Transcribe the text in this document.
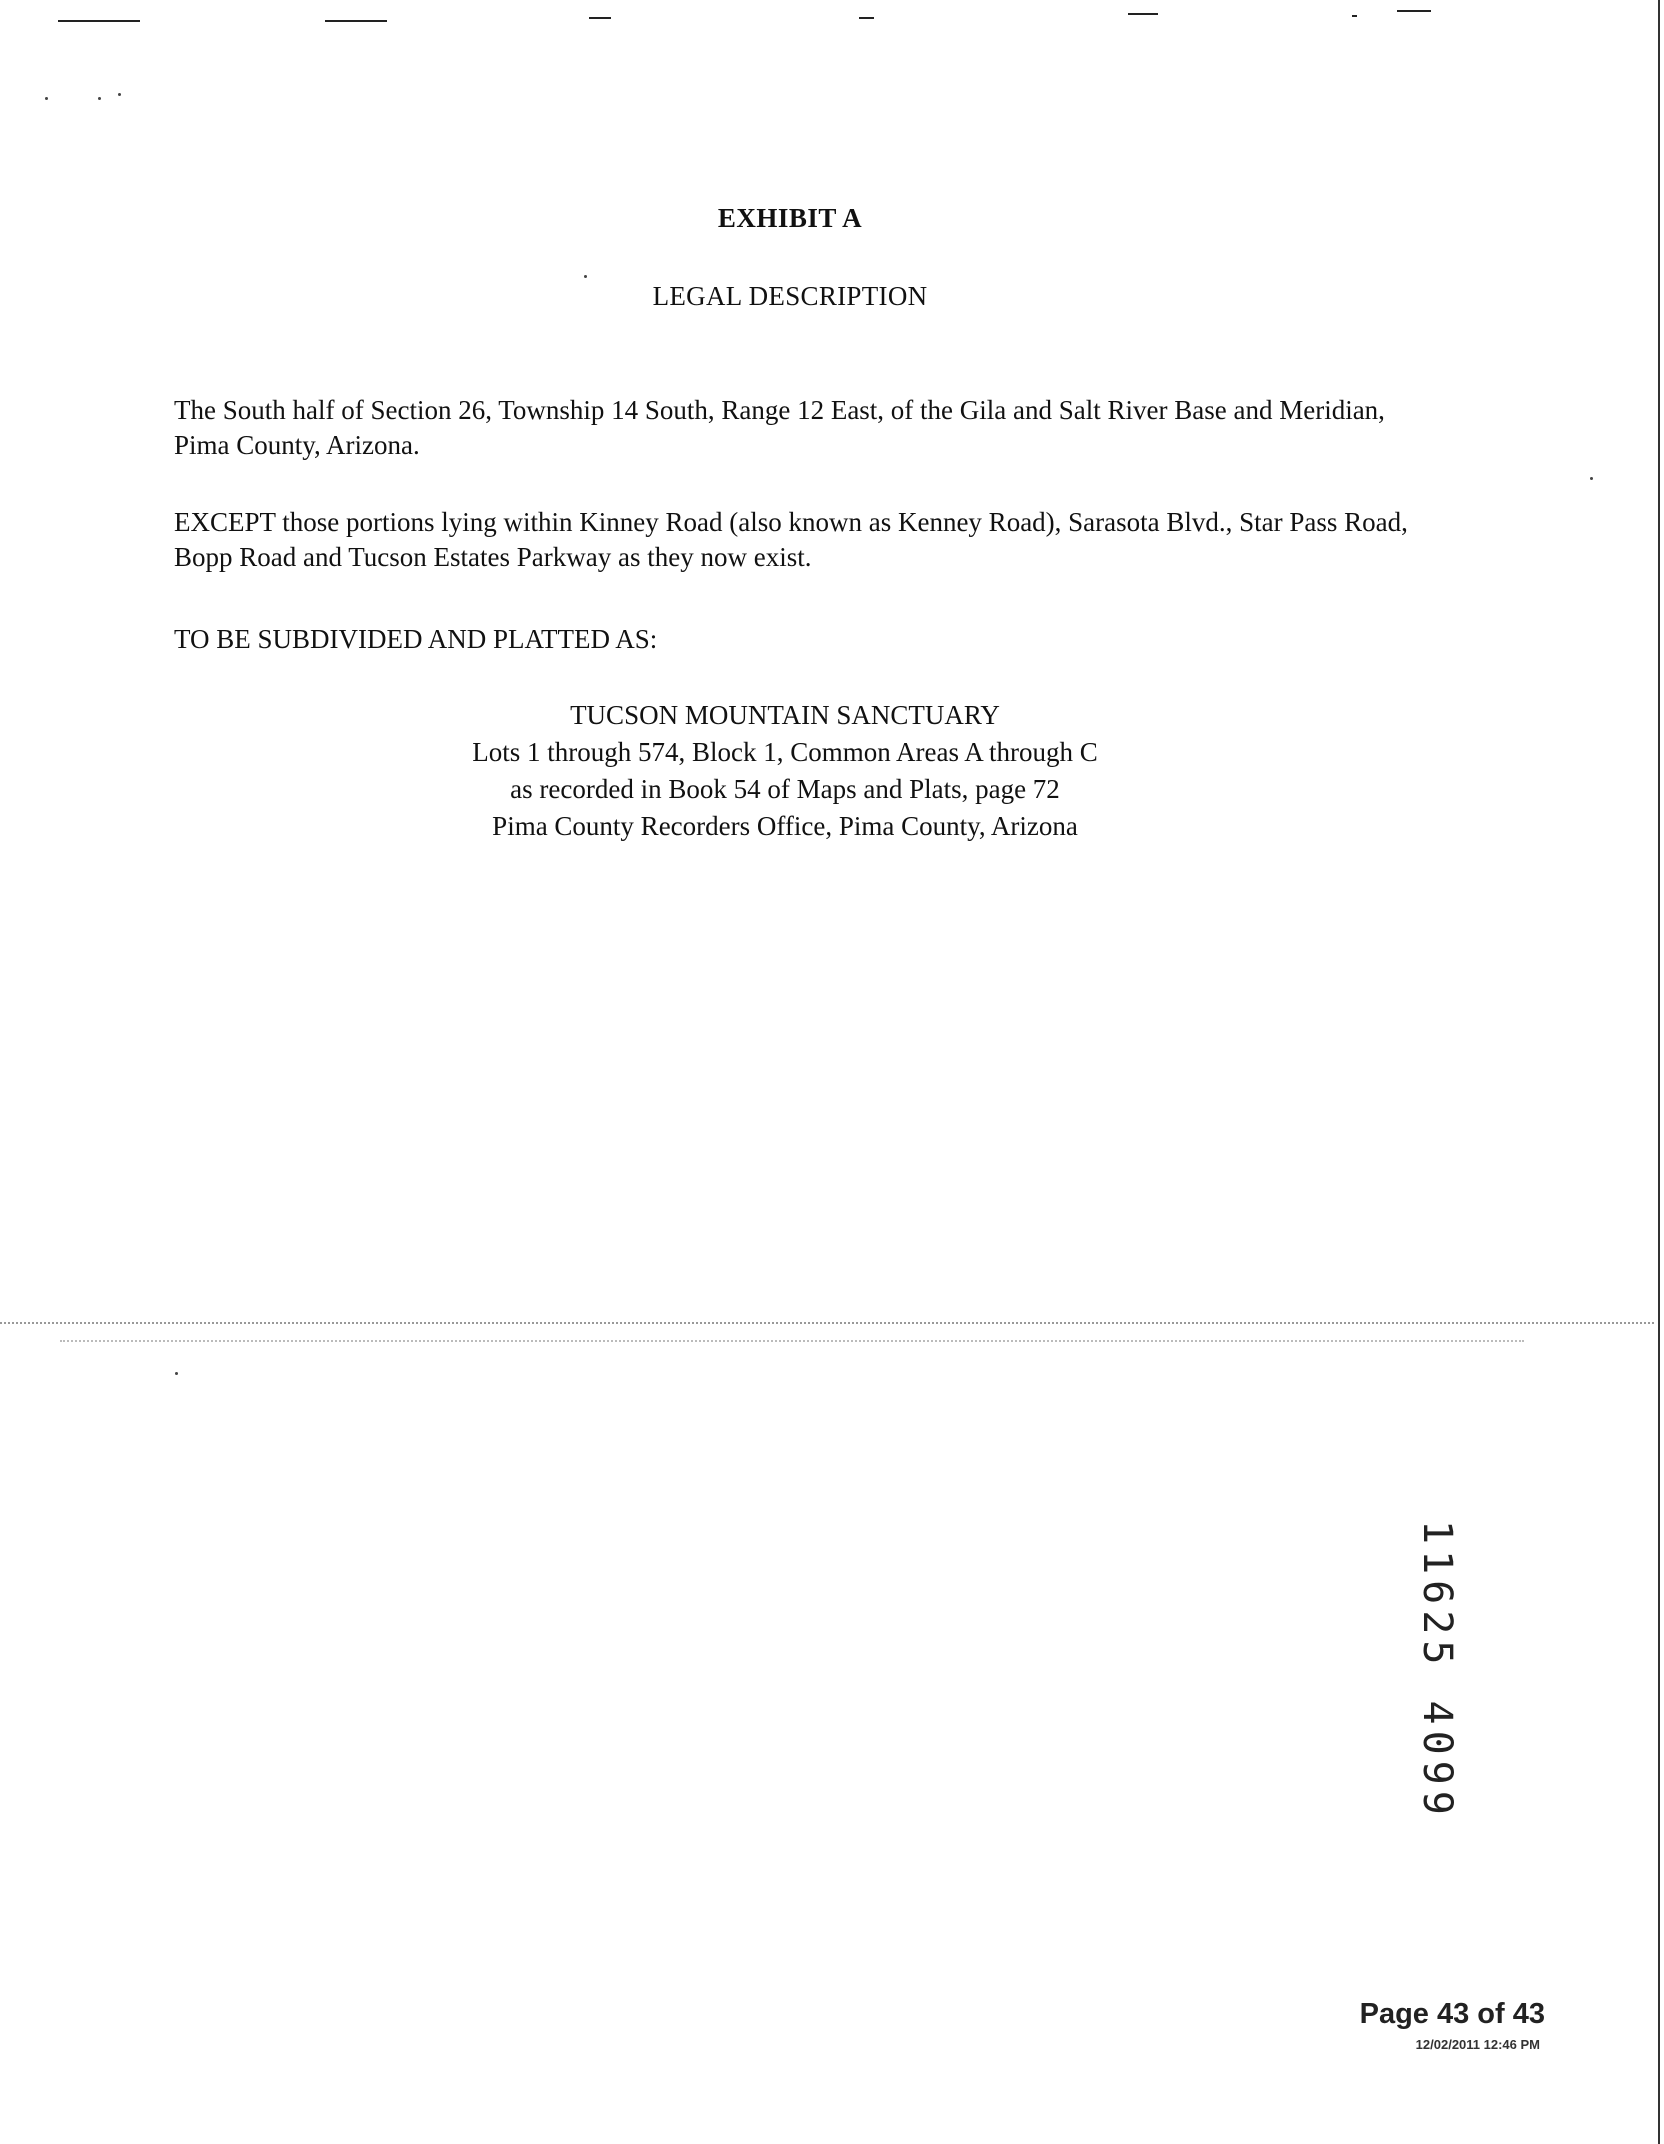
EXHIBIT A
LEGAL DESCRIPTION
The South half of Section 26, Township 14 South, Range 12 East, of the Gila and Salt River Base and Meridian, Pima County, Arizona.
EXCEPT those portions lying within Kinney Road (also known as Kenney Road), Sarasota Blvd., Star Pass Road, Bopp Road and Tucson Estates Parkway as they now exist.
TO BE SUBDIVIDED AND PLATTED AS:
TUCSON MOUNTAIN SANCTUARY
Lots 1 through 574, Block 1, Common Areas A through C
as recorded in Book 54 of Maps and Plats, page 72
Pima County Recorders Office, Pima County, Arizona
11625 4099
Page 43 of 43
12/02/2011 12:46 PM
